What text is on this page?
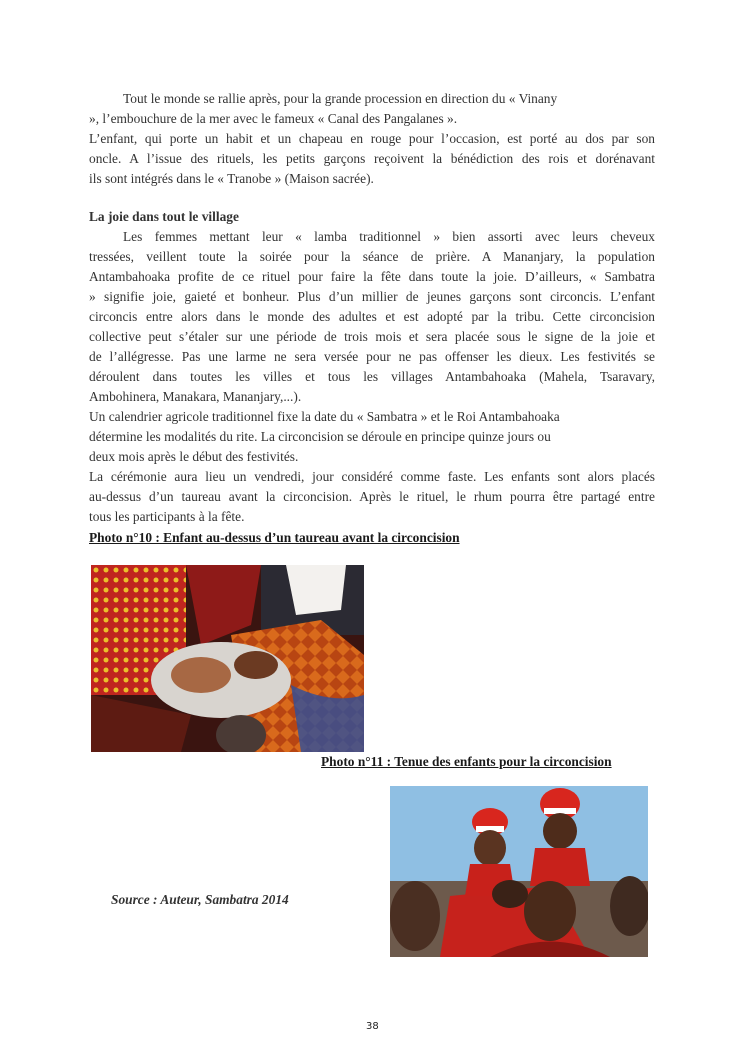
Tout le monde se rallie après, pour la grande procession en direction du « Vinany
», l’embouchure de la mer avec le fameux « Canal des Pangalanes ».
L’enfant, qui porte un habit et un chapeau en rouge pour l’occasion, est porté au dos par son
oncle. A l’issue des rituels, les petits garçons reçoivent la bénédiction des rois et dorénavant
ils sont intégrés dans le « Tranobe » (Maison sacrée).
La joie dans tout le village
Les femmes mettant leur « lamba traditionnel » bien assorti avec leurs cheveux
tressées, veillent toute la soirée pour la séance de prière. A Mananjary, la population
Antambahoaka profite de ce rituel pour faire la fête dans toute la joie. D’ailleurs, « Sambatra
» signifie joie, gaieté et bonheur. Plus d’un millier de jeunes garçons sont circoncis. L’enfant
circoncis entre alors dans le monde des adultes et est adopté par la tribu. Cette circoncision
collective peut s’étaler sur une période de trois mois et sera placée sous le signe de la joie et
de l’allégresse. Pas une larme ne sera versée pour ne pas offenser les dieux. Les festivités se
déroulent dans toutes les villes et tous les villages Antambahoaka (Mahela, Tsaravary,
Ambohinera, Manakara, Mananjary,...).
Un calendrier agricole traditionnel fixe la date du « Sambatra » et le Roi Antambahoaka
détermine les modalités du rite. La circoncision se déroule en principe quinze jours ou
deux mois après le début des festivités.
La cérémonie aura lieu un vendredi, jour considéré comme faste. Les enfants sont alors placés
au-dessus d’un taureau avant la circoncision. Après le rituel, le rhum pourra être partagé entre
tous les participants à la fête.
Photo n°10 : Enfant au-dessus d’un taureau avant la circoncision
Photo n°11 : Tenue des enfants pour la circoncision
Source : Auteur, Sambatra 2014
38
